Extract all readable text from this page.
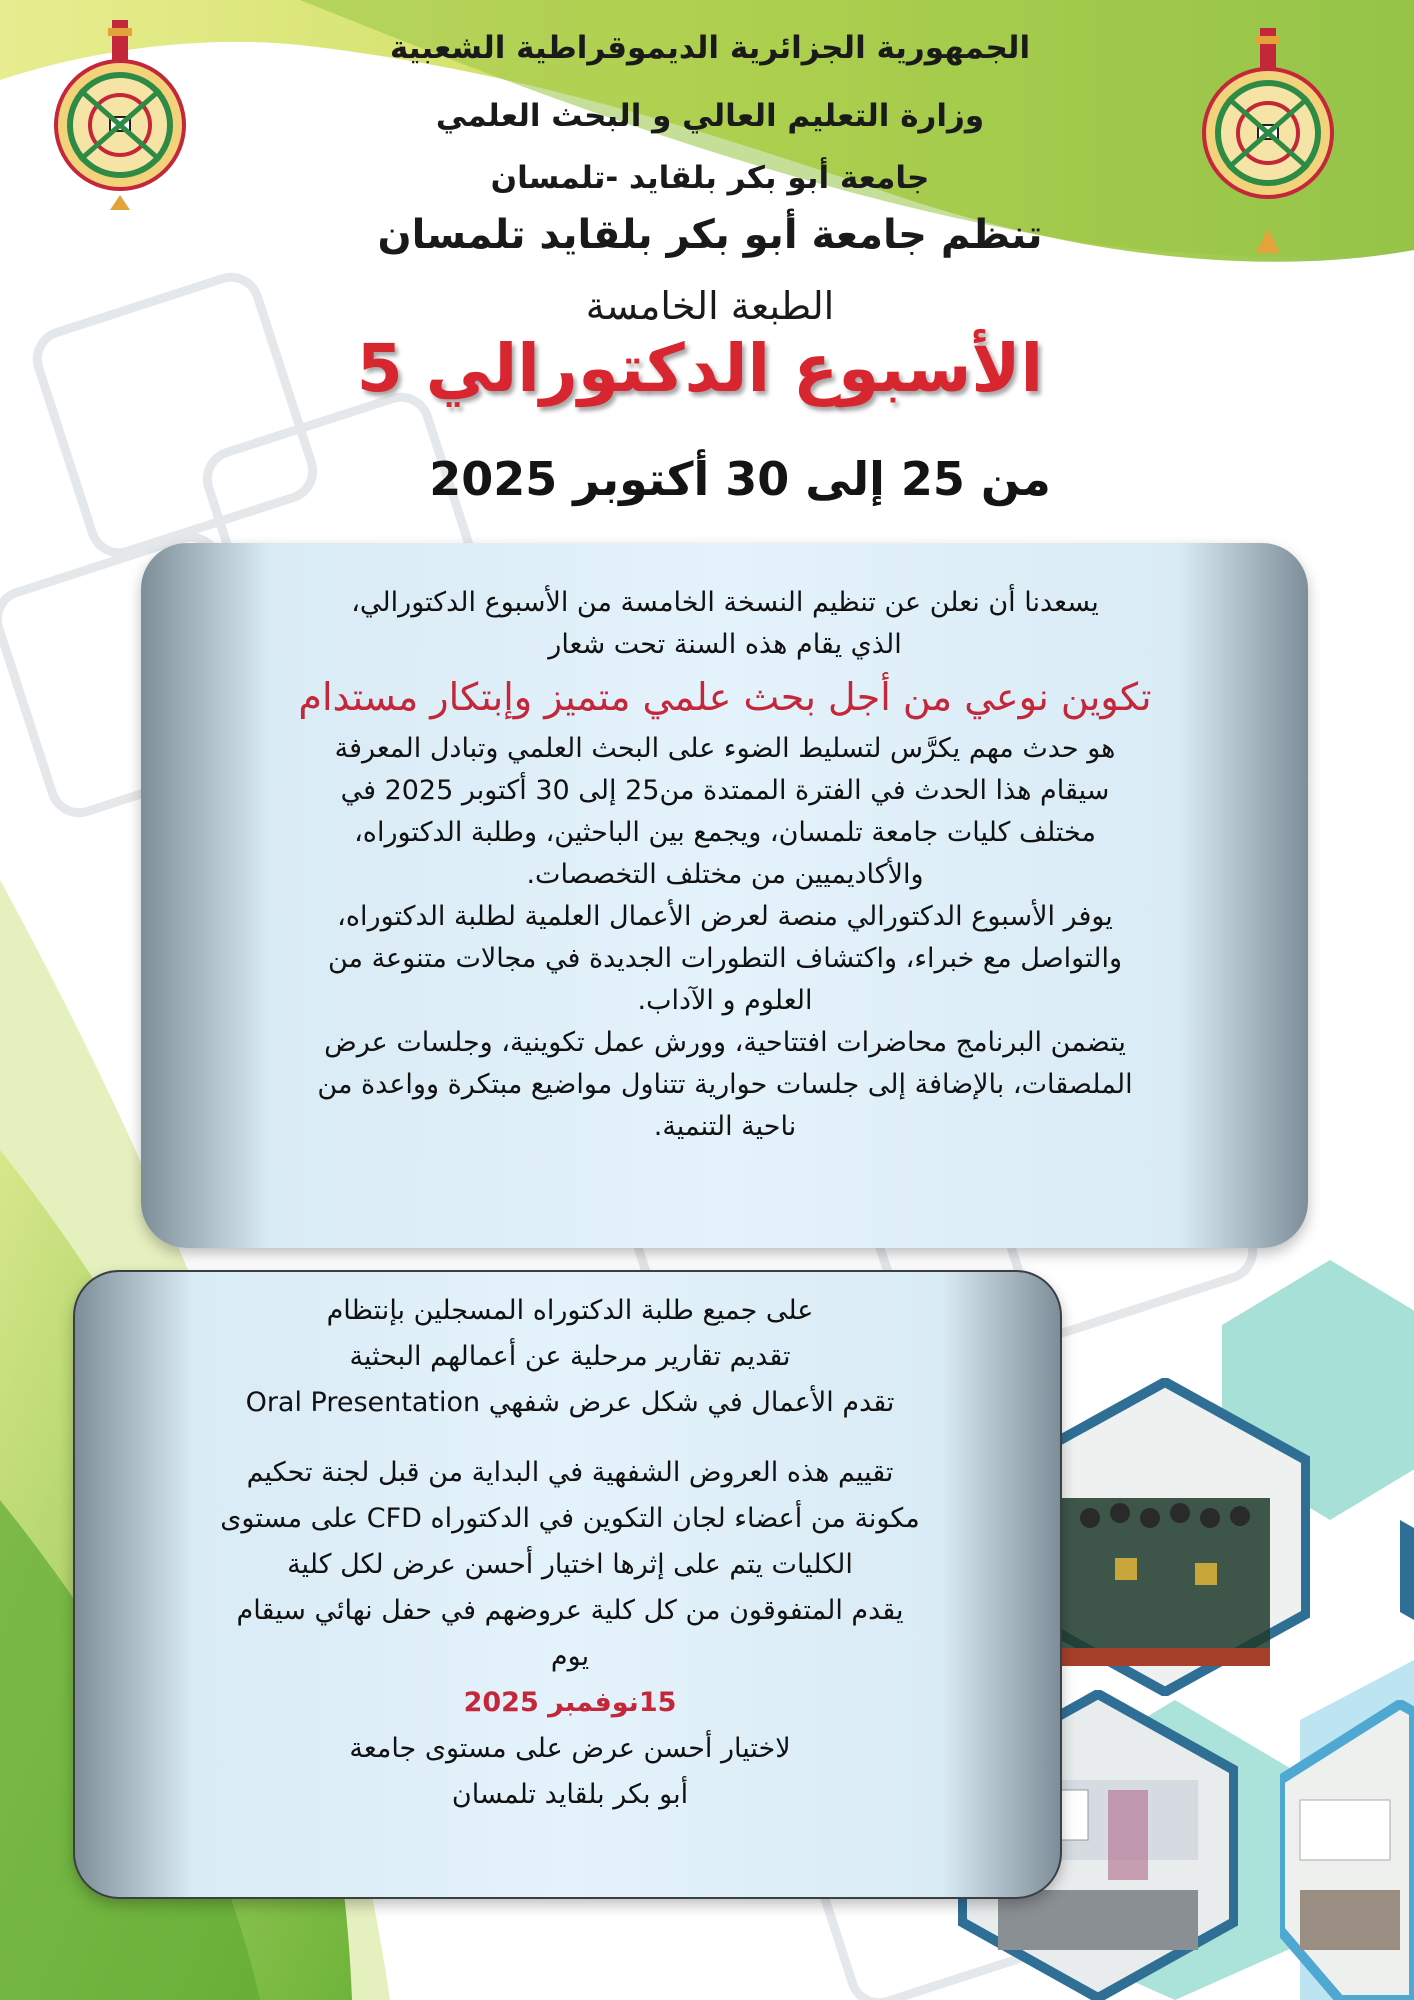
الجمهورية الجزائرية الديموقراطية الشعبية
وزارة التعليم العالي و البحث العلمي
جامعة أبو بكر بلقايد -تلمسان
تنظم جامعة أبو بكر بلقايد تلمسان
الطبعة الخامسة
الأسبوع الدكتورالي 5
من 25 إلى 30 أكتوبر 2025

يسعدنا أن نعلن عن تنظيم النسخة الخامسة من الأسبوع الدكتورالي،

الذي يقام هذه السنة تحت شعار

تكوين نوعي من أجل بحث علمي متميز وإبتكار مستدام

هو حدث مهم يكرَّس لتسليط الضوء على البحث العلمي وتبادل المعرفة

سيقام هذا الحدث في الفترة الممتدة من25 إلى 30 أكتوبر 2025 في

مختلف كليات جامعة تلمسان، ويجمع بين الباحثين، وطلبة الدكتوراه،

والأكاديميين من مختلف التخصصات.

يوفر الأسبوع الدكتورالي منصة لعرض الأعمال العلمية لطلبة الدكتوراه،

والتواصل مع خبراء، واكتشاف التطورات الجديدة في مجالات متنوعة من

العلوم و الآداب.

يتضمن البرنامج محاضرات افتتاحية، وورش عمل تكوينية، وجلسات عرض

الملصقات، بالإضافة إلى جلسات حوارية تتناول مواضيع مبتكرة وواعدة من

ناحية التنمية.

على جميع طلبة الدكتوراه المسجلين بإنتظام

تقديم تقارير مرحلية عن أعمالهم البحثية

تقدم الأعمال في شكل عرض شفهي Oral Presentation

تقييم هذه العروض الشفهية في البداية من قبل لجنة تحكيم

مكونة من أعضاء لجان التكوين في الدكتوراه CFD على مستوى

الكليات يتم على إثرها اختيار أحسن عرض لكل كلية

يقدم المتفوقون من كل كلية عروضهم في حفل نهائي سيقام

يوم

15نوفمبر 2025

لاختيار أحسن عرض على مستوى جامعة

أبو بكر بلقايد تلمسان
